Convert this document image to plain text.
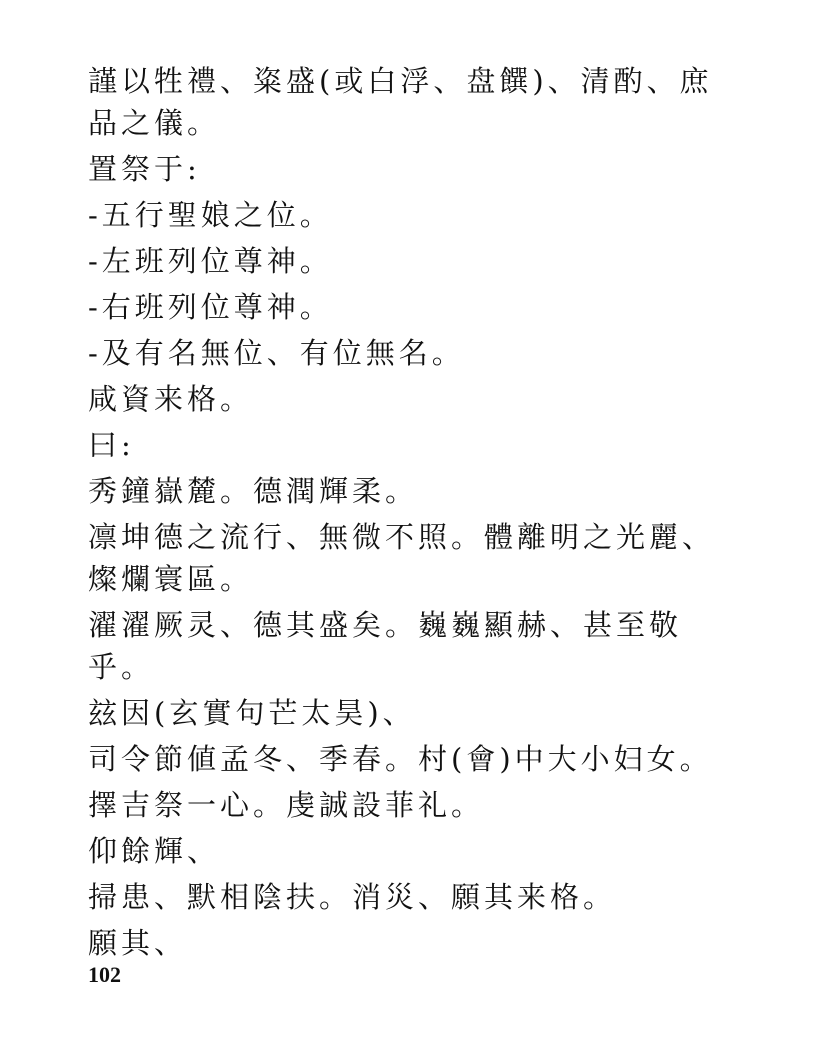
謹以牲禮、粢盛(或白浮、盘饌)、清酌、庶品之儀。

置祭于:

-五行聖娘之位。

-左班列位尊神。

-右班列位尊神。

-及有名無位、有位無名。

咸資来格。

曰:

秀鐘嶽麓。德潤輝柔。

凛坤德之流行、無微不照。體離明之光麗、燦爛寰區。

濯濯厥灵、德其盛矣。巍巍顯赫、甚至敬乎。

玆因(玄實句芒太昊)、

司令節値孟冬、季春。村(會)中大小妇女。

擇吉祭一心。虔誠設菲礼。

仰餘輝、

掃患、默相陰扶。消災、願其来格。

願其、

102
